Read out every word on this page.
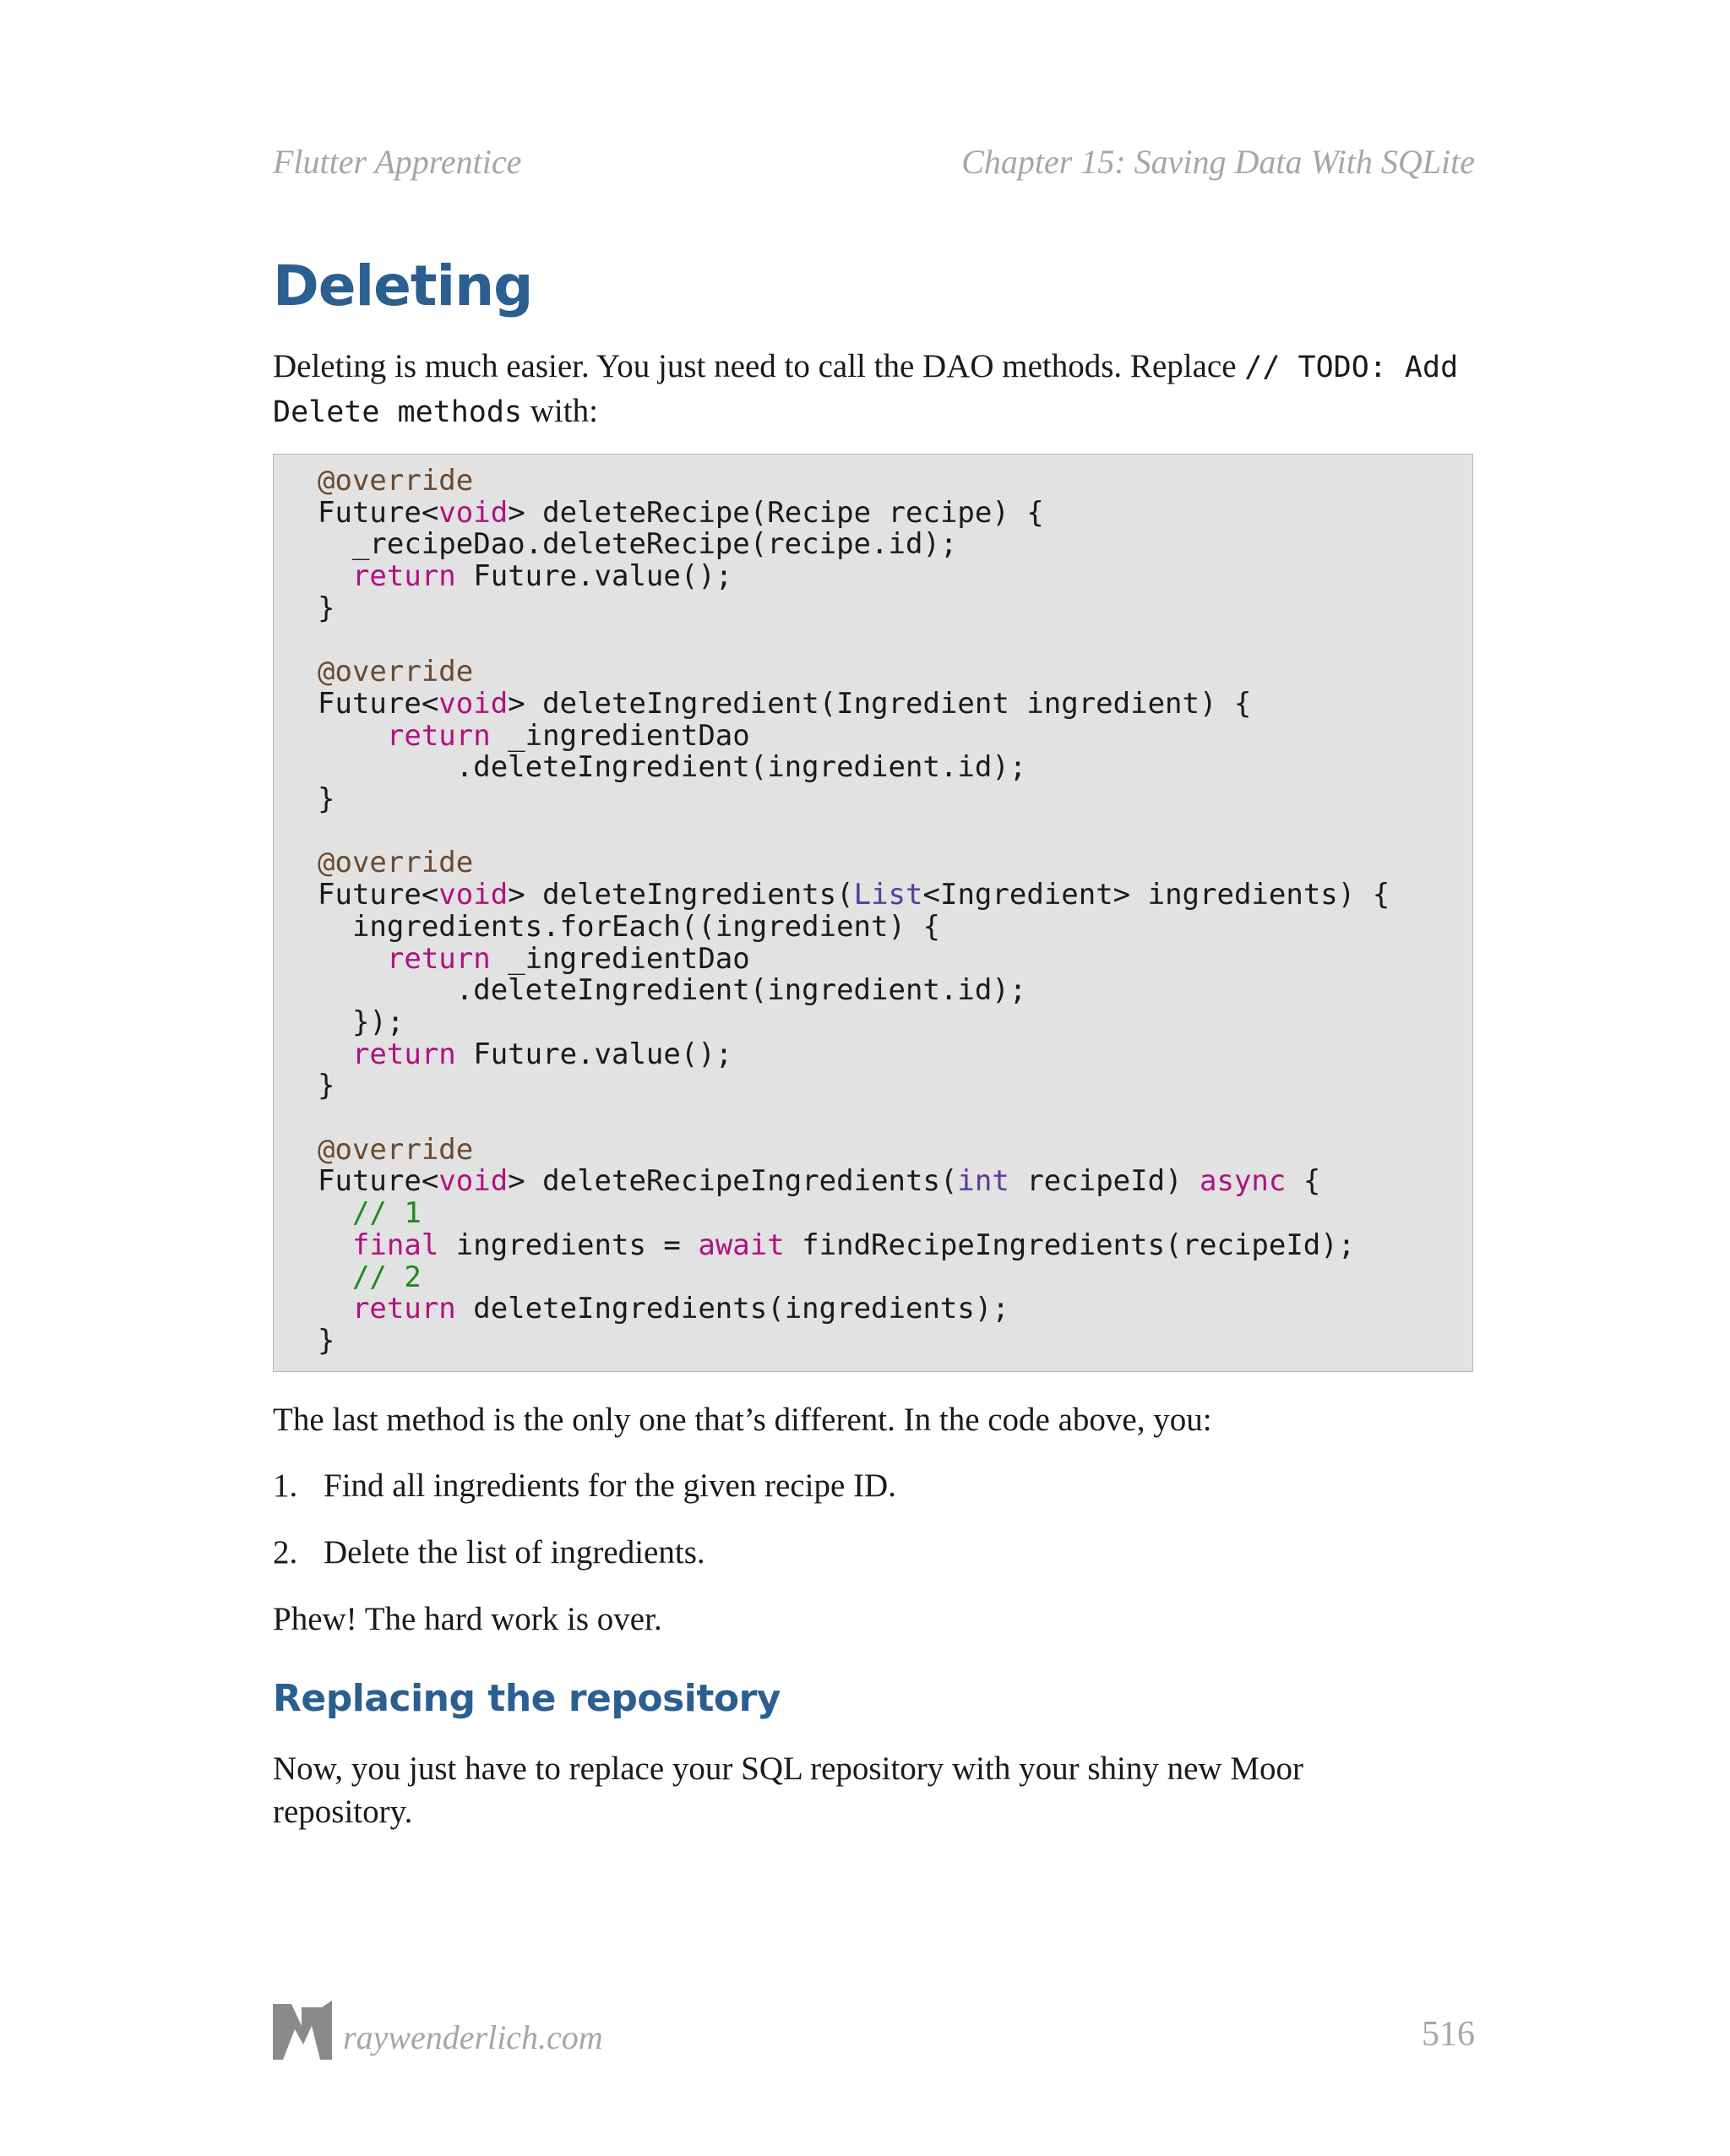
Flutter Apprentice	Chapter 15: Saving Data With SQLite
Deleting

Deleting is much easier. You just need to call the DAO methods. Replace // TODO: Add Delete methods with:

@override
Future<void> deleteRecipe(Recipe recipe) {
_recipeDao.deleteRecipe(recipe.id);
return Future.value();
}

@override
Future<void> deleteIngredient(Ingredient ingredient) {
return _ingredientDao
.deleteIngredient(ingredient.id);
}

@override
Future<void> deleteIngredients(List<Ingredient> ingredients) {
ingredients.forEach((ingredient) {
return _ingredientDao
.deleteIngredient(ingredient.id);
});
return Future.value();
}

@override
Future<void> deleteRecipeIngredients(int recipeId) async {
// 1
final ingredients = await findRecipeIngredients(recipeId);
// 2
return deleteIngredients(ingredients);
}

The last method is the only one that’s different. In the code above, you:

1. Find all ingredients for the given recipe ID.
2. Delete the list of ingredients.

Phew! The hard work is over.

Replacing the repository

Now, you just have to replace your SQL repository with your shiny new Moor
repository.

raywenderlich.com	516
